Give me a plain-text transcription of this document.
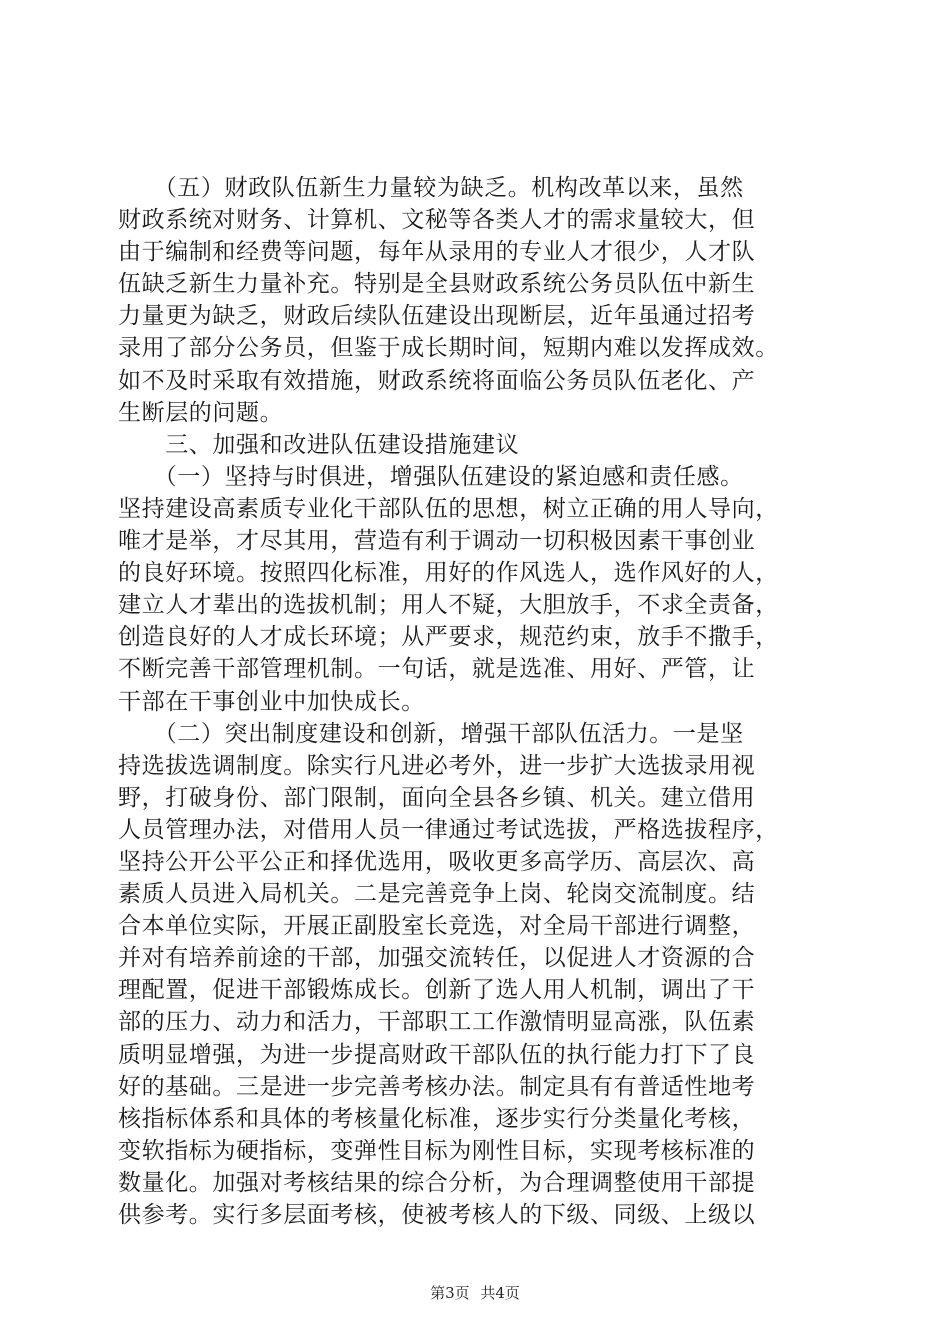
　　（五）财政队伍新生力量较为缺乏。机构改革以来，虽然
财政系统对财务、计算机、文秘等各类人才的需求量较大，但
由于编制和经费等问题，每年从录用的专业人才很少，人才队
伍缺乏新生力量补充。特别是全县财政系统公务员队伍中新生
力量更为缺乏，财政后续队伍建设出现断层，近年虽通过招考
录用了部分公务员，但鉴于成长期时间，短期内难以发挥成效。
如不及时采取有效措施，财政系统将面临公务员队伍老化、产
生断层的问题。
　　三、加强和改进队伍建设措施建议
　　（一）坚持与时俱进，增强队伍建设的紧迫感和责任感。
坚持建设高素质专业化干部队伍的思想，树立正确的用人导向，
唯才是举，才尽其用，营造有利于调动一切积极因素干事创业
的良好环境。按照四化标准，用好的作风选人，选作风好的人，
建立人才辈出的选拔机制；用人不疑，大胆放手，不求全责备，
创造良好的人才成长环境；从严要求，规范约束，放手不撒手，
不断完善干部管理机制。一句话，就是选准、用好、严管，让
干部在干事创业中加快成长。
　　（二）突出制度建设和创新，增强干部队伍活力。一是坚
持选拔选调制度。除实行凡进必考外，进一步扩大选拔录用视
野，打破身份、部门限制，面向全县各乡镇、机关。建立借用
人员管理办法，对借用人员一律通过考试选拔，严格选拔程序，
坚持公开公平公正和择优选用，吸收更多高学历、高层次、高
素质人员进入局机关。二是完善竞争上岗、轮岗交流制度。结
合本单位实际，开展正副股室长竞选，对全局干部进行调整，
并对有培养前途的干部，加强交流转任，以促进人才资源的合
理配置，促进干部锻炼成长。创新了选人用人机制，调出了干
部的压力、动力和活力，干部职工工作激情明显高涨，队伍素
质明显增强，为进一步提高财政干部队伍的执行能力打下了良
好的基础。三是进一步完善考核办法。制定具有有普适性地考
核指标体系和具体的考核量化标准，逐步实行分类量化考核，
变软指标为硬指标，变弹性目标为刚性目标，实现考核标准的
数量化。加强对考核结果的综合分析，为合理调整使用干部提
供参考。实行多层面考核，使被考核人的下级、同级、上级以
第3页 共4页
